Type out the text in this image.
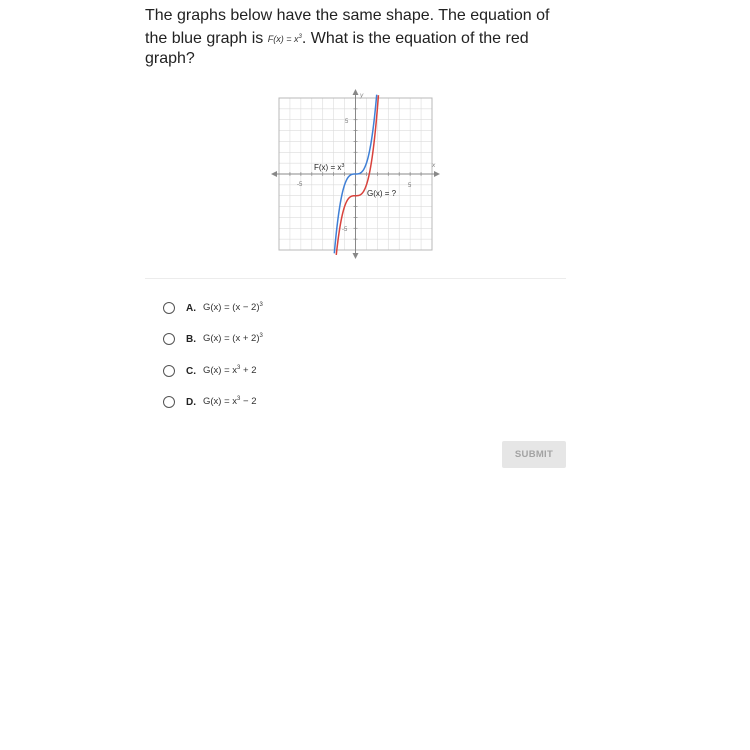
The graphs below have the same shape. The equation of the blue graph is $F(x) = x^3$. What is the equation of the red graph?
y
x
-5	5
5
-5
$F(x) = x^3$
G(x) = ?
A. $G(x) = (x - 2)^3$
B. $G(x) = (x + 2)^3$
C. $G(x) = x^3 + 2$
D. $G(x) = x^3 - 2$
SUBMIT
